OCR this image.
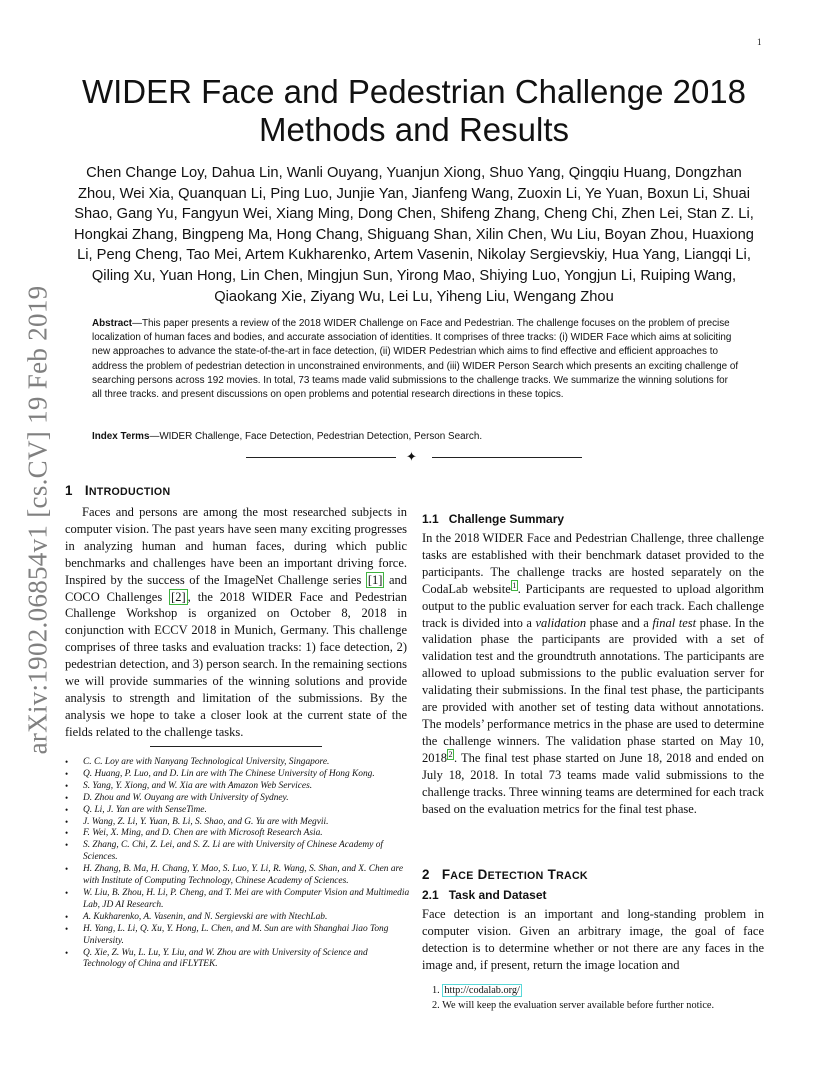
1
arXiv:1902.06854v1 [cs.CV] 19 Feb 2019
WIDER Face and Pedestrian Challenge 2018
Methods and Results
Chen Change Loy, Dahua Lin, Wanli Ouyang, Yuanjun Xiong, Shuo Yang, Qingqiu Huang, Dongzhan Zhou, Wei Xia, Quanquan Li, Ping Luo, Junjie Yan, Jianfeng Wang, Zuoxin Li, Ye Yuan, Boxun Li, Shuai Shao, Gang Yu, Fangyun Wei, Xiang Ming, Dong Chen, Shifeng Zhang, Cheng Chi, Zhen Lei, Stan Z. Li, Hongkai Zhang, Bingpeng Ma, Hong Chang, Shiguang Shan, Xilin Chen, Wu Liu, Boyan Zhou, Huaxiong Li, Peng Cheng, Tao Mei, Artem Kukharenko, Artem Vasenin, Nikolay Sergievskiy, Hua Yang, Liangqi Li, Qiling Xu, Yuan Hong, Lin Chen, Mingjun Sun, Yirong Mao, Shiying Luo, Yongjun Li, Ruiping Wang, Qiaokang Xie, Ziyang Wu, Lei Lu, Yiheng Liu, Wengang Zhou
Abstract—This paper presents a review of the 2018 WIDER Challenge on Face and Pedestrian. The challenge focuses on the problem of precise localization of human faces and bodies, and accurate association of identities. It comprises of three tracks: (i) WIDER Face which aims at soliciting new approaches to advance the state-of-the-art in face detection, (ii) WIDER Pedestrian which aims to find effective and efficient approaches to address the problem of pedestrian detection in unconstrained environments, and (iii) WIDER Person Search which presents an exciting challenge of searching persons across 192 movies. In total, 73 teams made valid submissions to the challenge tracks. We summarize the winning solutions for all three tracks. and present discussions on open problems and potential research directions in these topics.
Index Terms—WIDER Challenge, Face Detection, Pedestrian Detection, Person Search.
✦
1 INTRODUCTION

Faces and persons are among the most researched subjects in computer vision. The past years have seen many exciting progresses in analyzing human and human faces, during which public benchmarks and challenges have been an important driving force. Inspired by the success of the ImageNet Challenge series [1] and COCO Challenges [2] , the 2018 WIDER Face and Pedestrian Challenge Workshop is organized on October 8, 2018 in conjunction with ECCV 2018 in Munich, Germany. This challenge comprises of three tasks and evaluation tracks: 1) face detection, 2) pedestrian detection, and 3) person search. In the remaining sections we will provide summaries of the winning solutions and provide analysis to strength and limitation of the submissions. By the analysis we hope to take a closer look at the current state of the fields related to the challenge tasks.

• C. C. Loy are with Nanyang Technological University, Singapore.
• Q. Huang, P. Luo, and D. Lin are with The Chinese University of Hong Kong.
• S. Yang, Y. Xiong, and W. Xia are with Amazon Web Services.
• D. Zhou and W. Ouyang are with University of Sydney.
• Q. Li, J. Yan are with SenseTime.
• J. Wang, Z. Li, Y. Yuan, B. Li, S. Shao, and G. Yu are with Megvii.
• F. Wei, X. Ming, and D. Chen are with Microsoft Research Asia.
• S. Zhang, C. Chi, Z. Lei, and S. Z. Li are with University of Chinese Academy of Sciences.
• H. Zhang, B. Ma, H. Chang, Y. Mao, S. Luo, Y. Li, R. Wang, S. Shan, and X. Chen are with Institute of Computing Technology, Chinese Academy of Sciences.
• W. Liu, B. Zhou, H. Li, P. Cheng, and T. Mei are with Computer Vision and Multimedia Lab, JD AI Research.
• A. Kukharenko, A. Vasenin, and N. Sergievski are with NtechLab.
• H. Yang, L. Li, Q. Xu, Y. Hong, L. Chen, and M. Sun are with Shanghai Jiao Tong University.
• Q. Xie, Z. Wu, L. Lu, Y. Liu, and W. Zhou are with University of Science and Technology of China and iFLYTEK.
1.1 Challenge Summary

In the 2018 WIDER Face and Pedestrian Challenge, three challenge tasks are established with their benchmark dataset provided to the participants. The challenge tracks are hosted separately on the CodaLab website $^1$ . Participants are requested to upload algorithm output to the public evaluation server for each track. Each challenge track is divided into a validation phase and a final test phase. In the validation phase the participants are provided with a set of validation test and the groundtruth annotations. The participants are allowed to upload submissions to the public evaluation server for validating their submissions. In the final test phase, the participants are provided with another set of testing data without annotations. The models’ performance metrics in the phase are used to determine the challenge winners. The validation phase started on May 10, 2018 $^2$ . The final test phase started on June 18, 2018 and ended on July 18, 2018. In total 73 teams made valid submissions to the challenge tracks. Three winning teams are determined for each track based on the evaluation metrics for the final test phase.

2 FACE DETECTION TRACK
2.1 Task and Dataset
Face detection is an important and long-standing problem in computer vision. Given an arbitrary image, the goal of face detection is to determine whether or not there are any faces in the image and, if present, return the image location and
1. http://codalab.org/
2. We will keep the evaluation server available before further notice.
